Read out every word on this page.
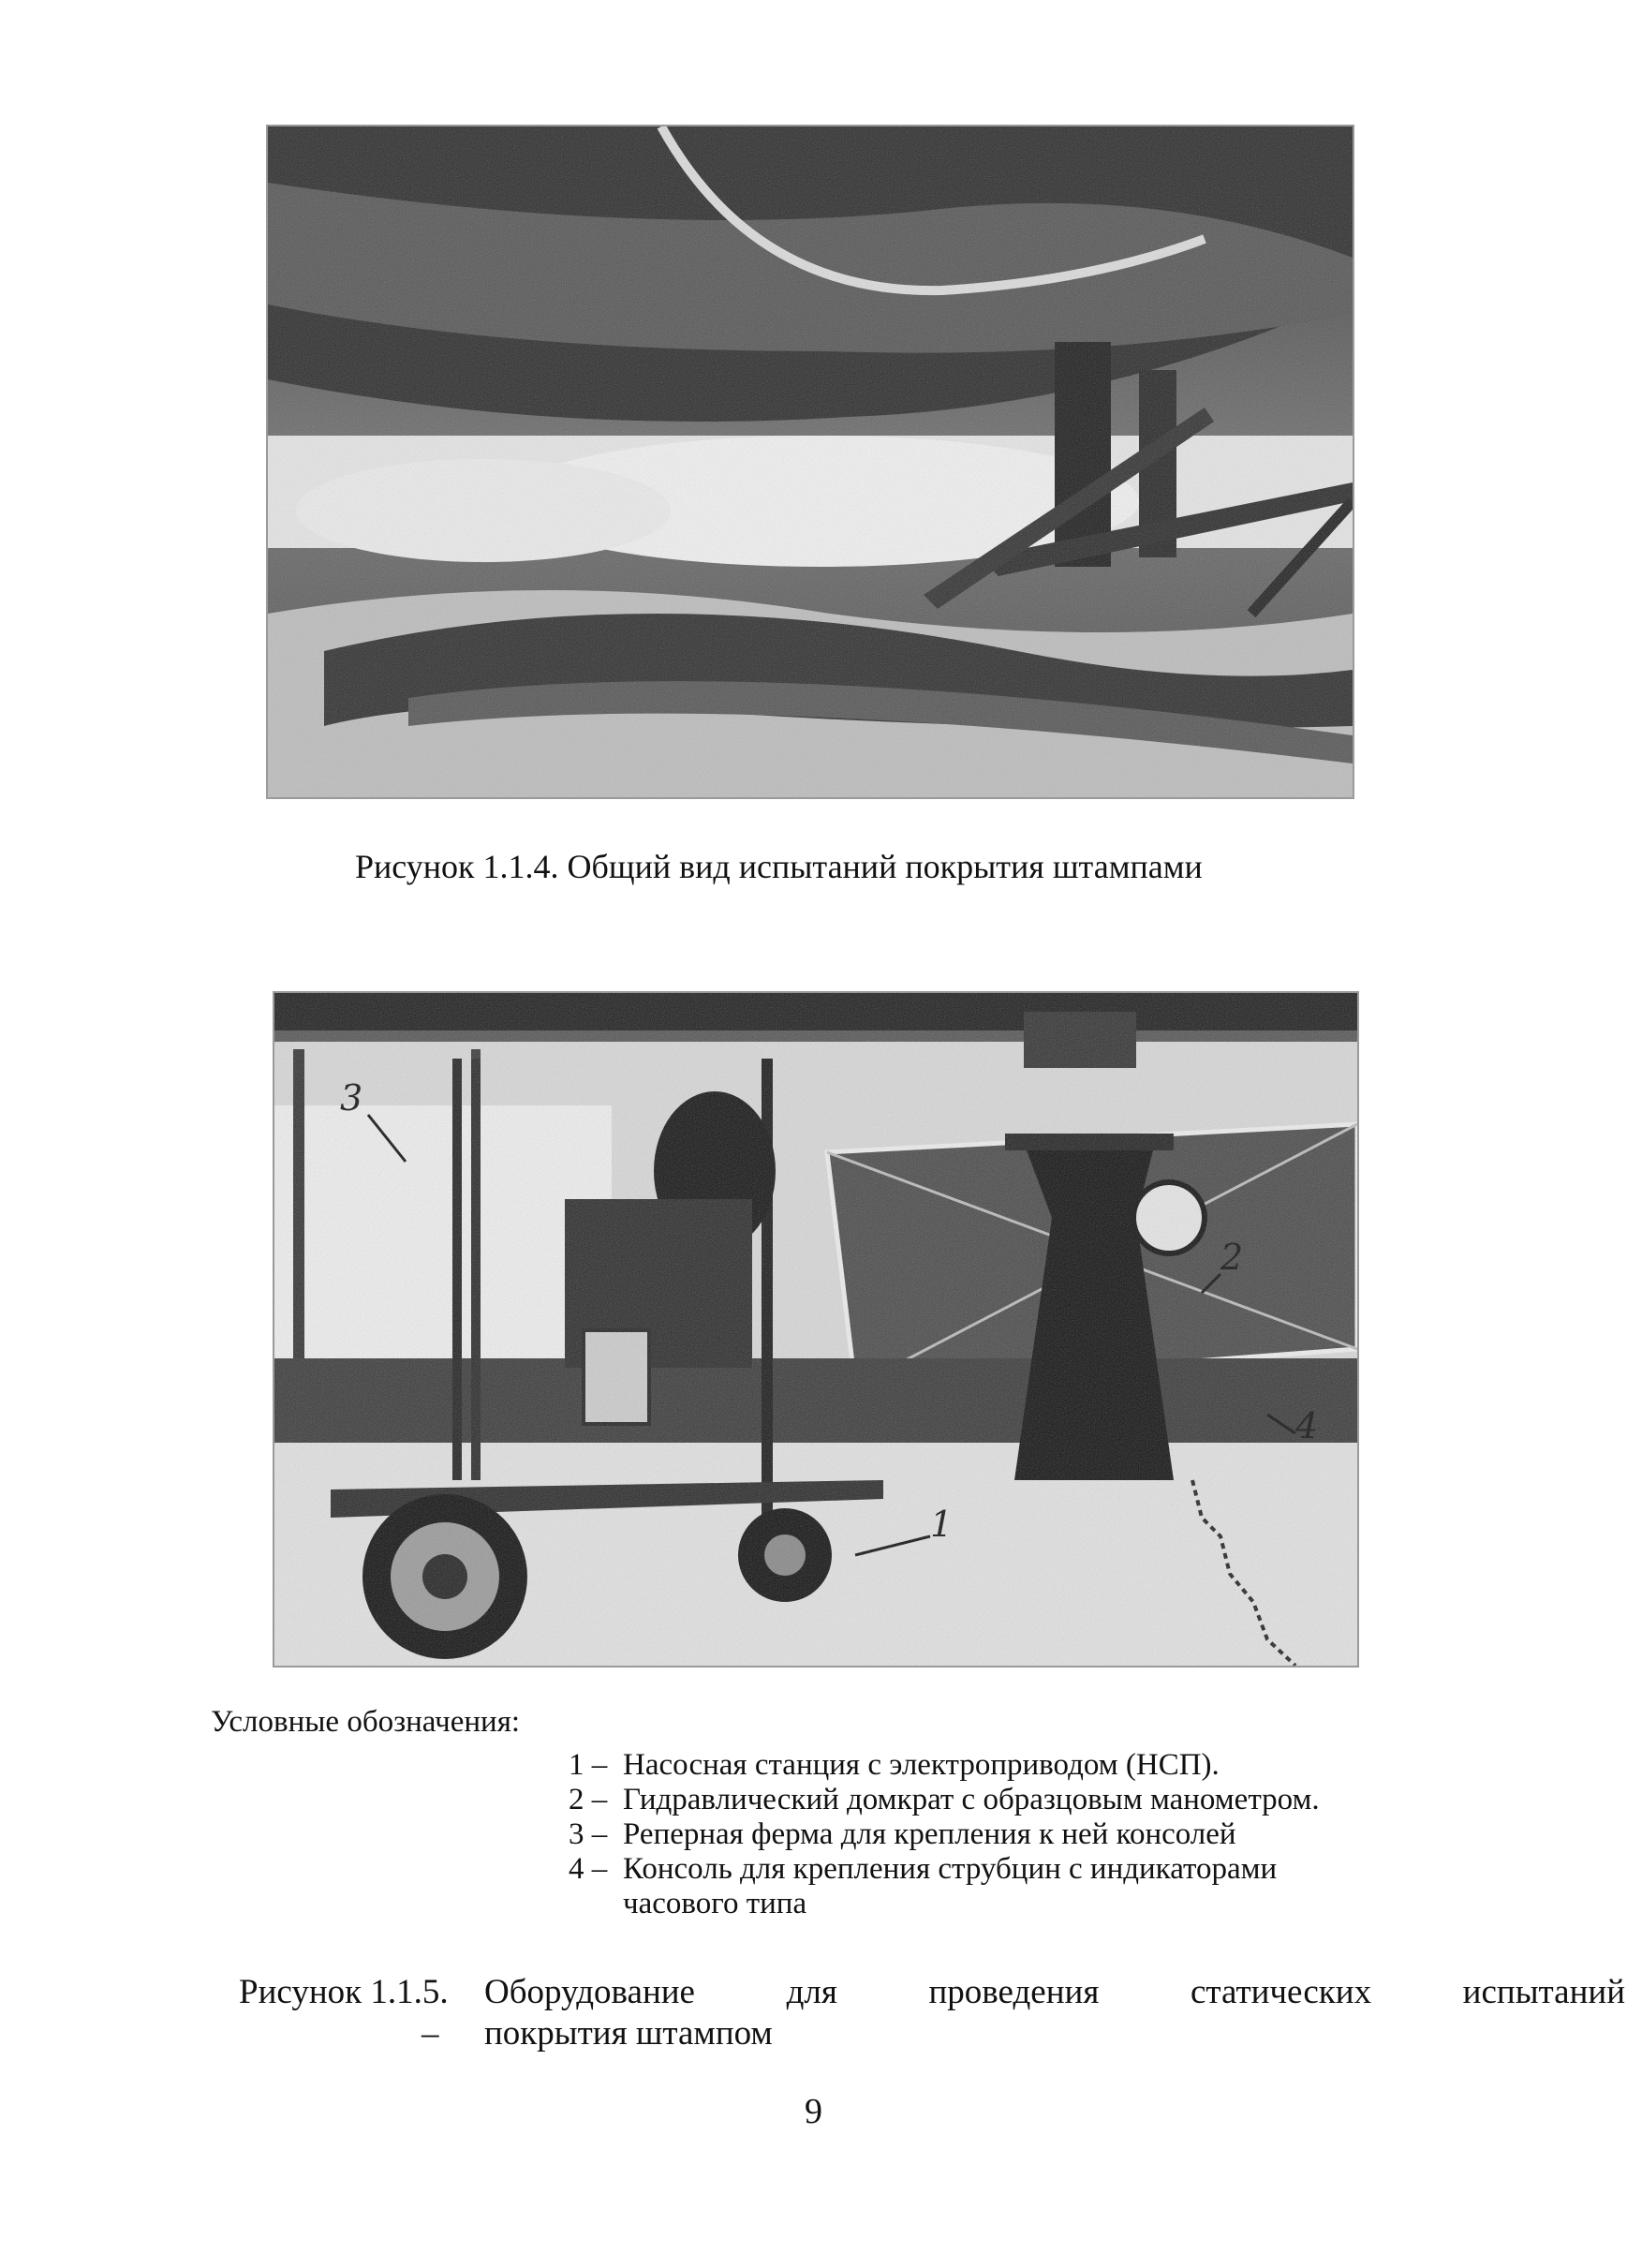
Рисунок 1.1.4. Общий вид испытаний покрытия штампами
Условные обозначения:
1 – Насосная станция с электроприводом (НСП).
2 – Гидравлический домкрат с образцовым манометром.
3 – Реперная ферма для крепления к ней консолей
4 – Консоль для крепления струбцин с индикаторами часового типа
Рисунок 1.1.5.
–
Оборудование для проведения статических испытаний
покрытия штампом
9
